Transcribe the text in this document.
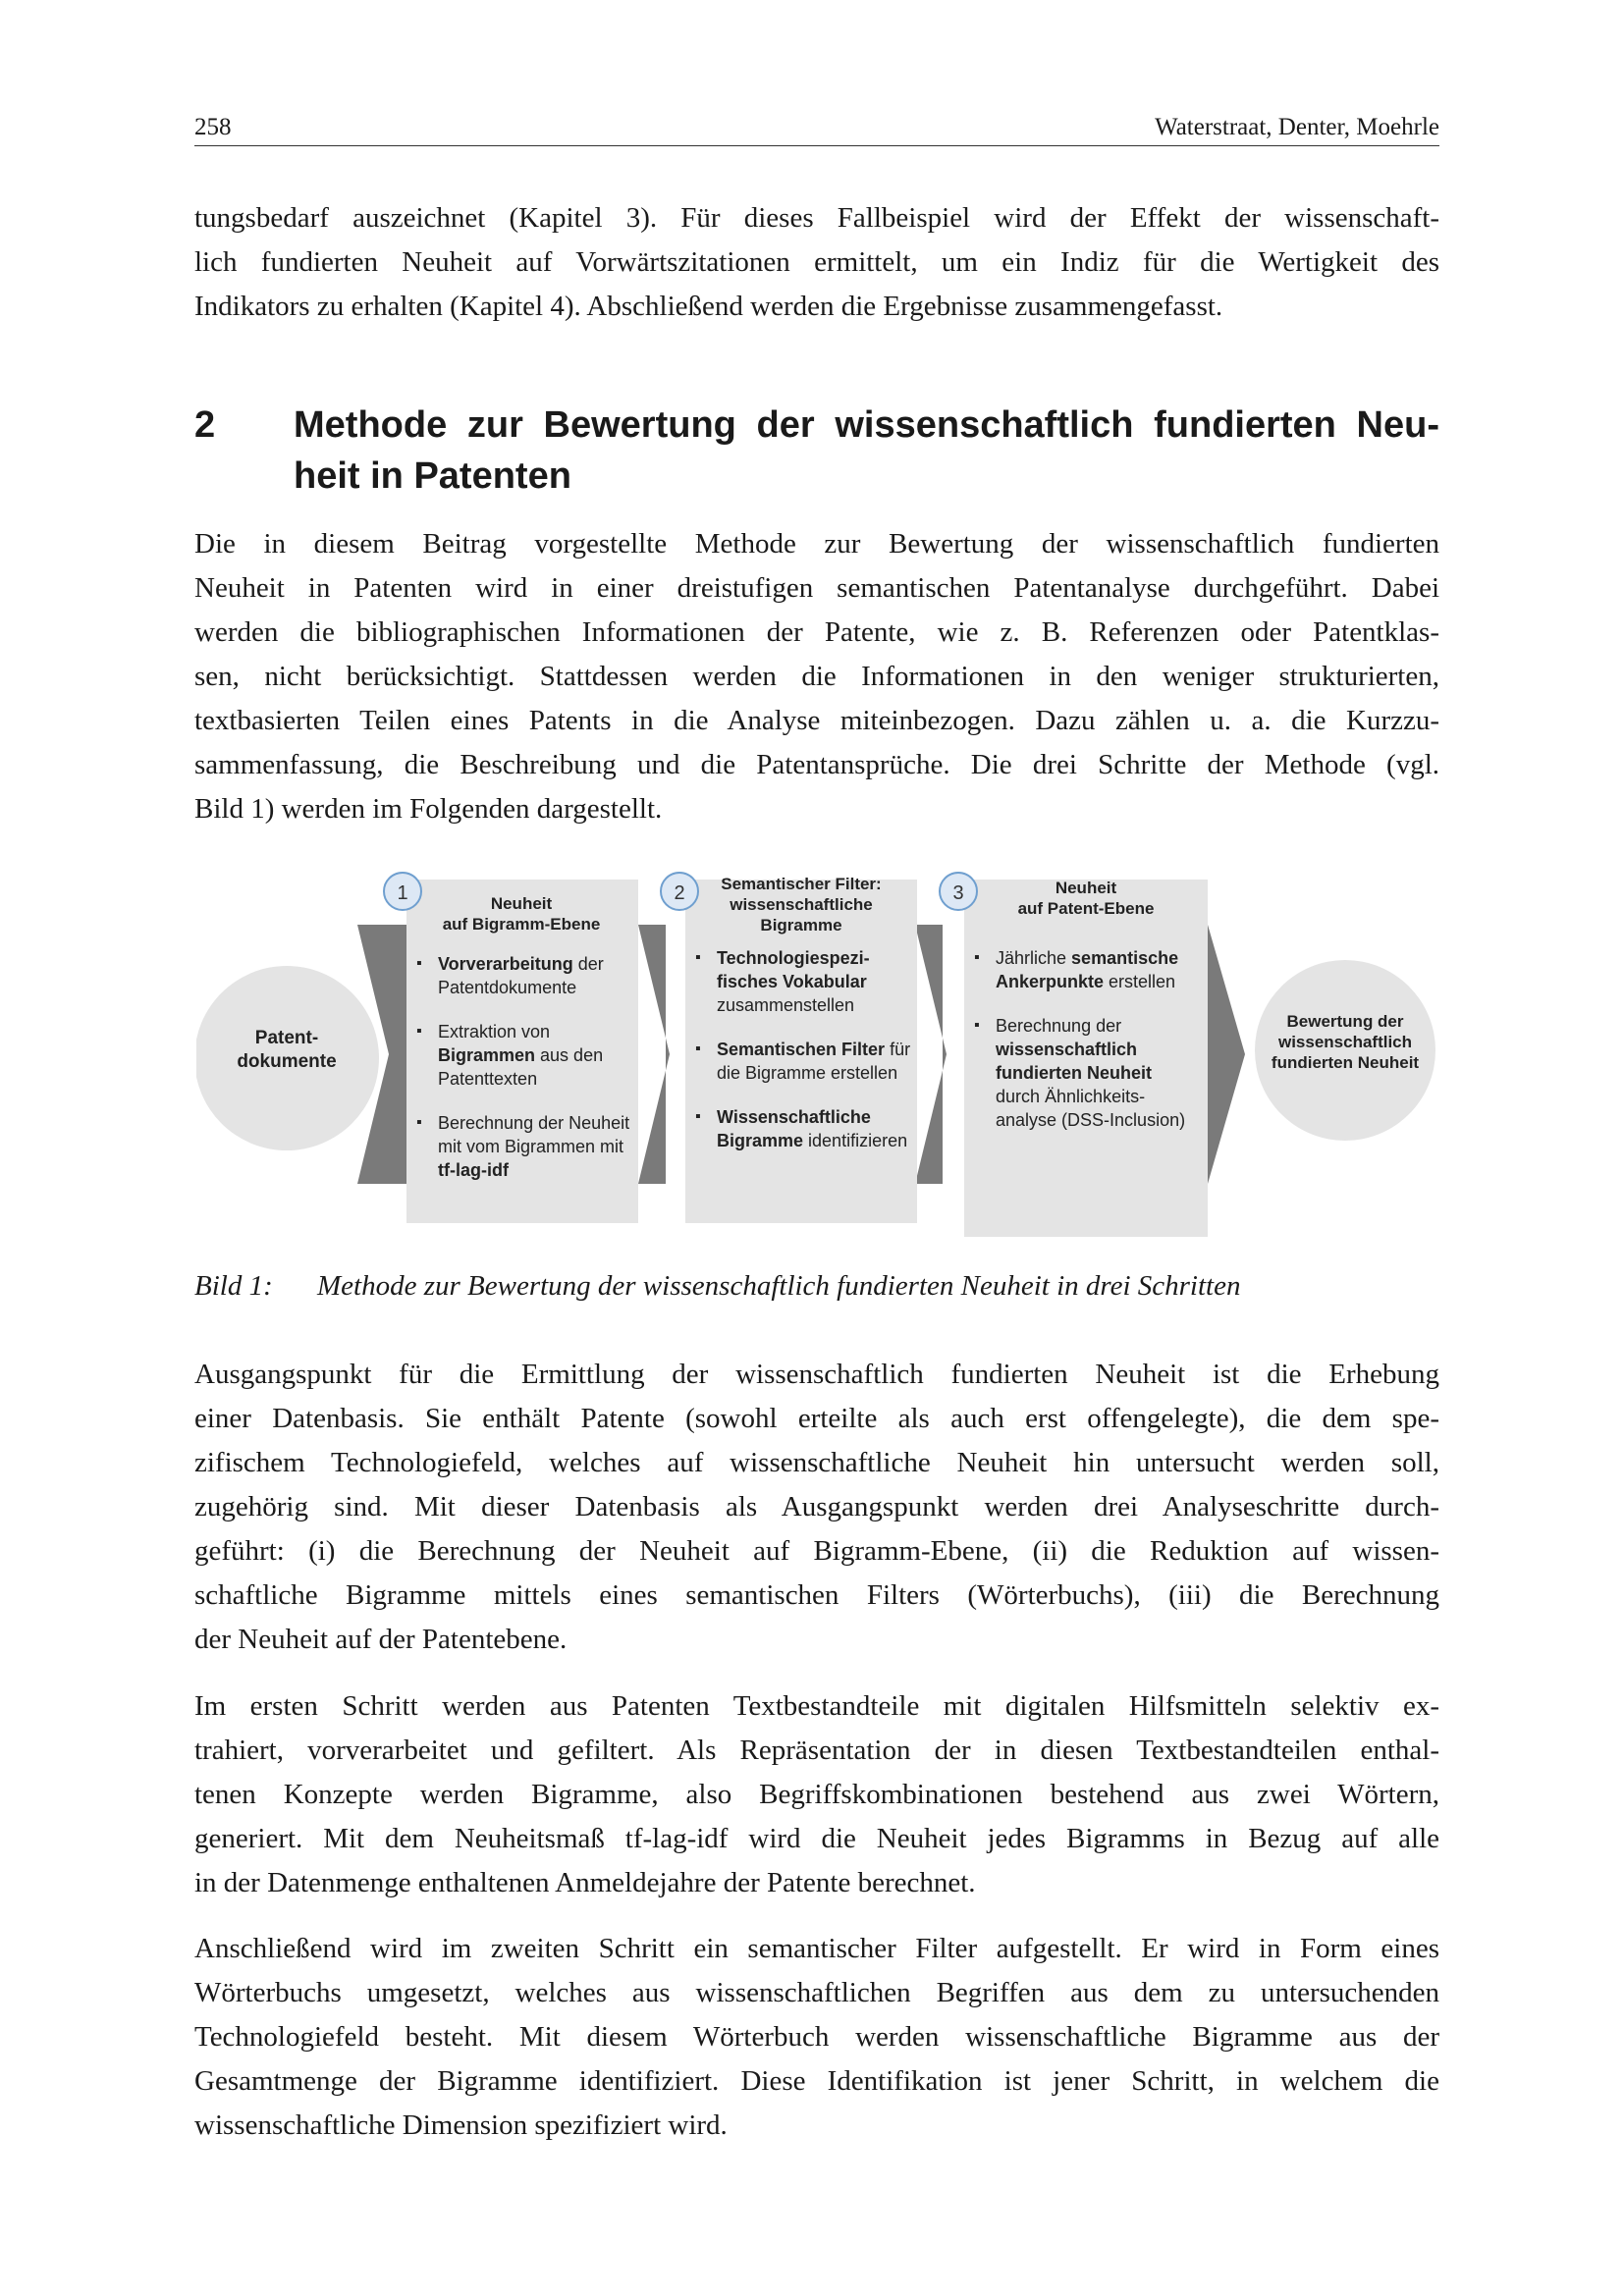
258	Waterstraat, Denter, Moehrle
tungsbedarf auszeichnet (Kapitel 3). Für dieses Fallbeispiel wird der Effekt der wissenschaft-
lich fundierten Neuheit auf Vorwärtszitationen ermittelt, um ein Indiz für die Wertigkeit des
Indikators zu erhalten (Kapitel 4). Abschließend werden die Ergebnisse zusammengefasst.
2 Methode zur Bewertung der wissenschaftlich fundierten Neu-
heit in Patenten
Die in diesem Beitrag vorgestellte Methode zur Bewertung der wissenschaftlich fundierten
Neuheit in Patenten wird in einer dreistufigen semantischen Patentanalyse durchgeführt. Dabei
werden die bibliographischen Informationen der Patente, wie z. B. Referenzen oder Patentklas-
sen, nicht berücksichtigt. Stattdessen werden die Informationen in den weniger strukturierten,
textbasierten Teilen eines Patents in die Analyse miteinbezogen. Dazu zählen u. a. die Kurzzu-
sammenfassung, die Beschreibung und die Patentansprüche. Die drei Schritte der Methode (vgl.
Bild 1) werden im Folgenden dargestellt.
Patent-
dokumente
Bewertung der
wissenschaftlich
fundierten Neuheit
1	Neuheit
auf Bigramm-Ebene
▪ Vorverarbeitung der Patentdokumente
▪ Extraktion von Bigrammen aus den Patenttexten
▪ Berechnung der Neuheit mit vom Bigrammen mit tf-lag-idf
2	Semantischer Filter:
wissenschaftliche
Bigramme
▪ Technologiespezi-fisches Vokabular zusammenstellen
▪ Semantischen Filter für die Bigramme erstellen
▪ Wissenschaftliche Bigramme identifizieren
3	Neuheit
auf Patent-Ebene
▪ Jährliche semantische Ankerpunkte erstellen
▪ Berechnung der wissenschaftlich fundierten Neuheit durch Ähnlichkeits-analyse (DSS-Inclusion)
Bild 1: Methode zur Bewertung der wissenschaftlich fundierten Neuheit in drei Schritten
Ausgangspunkt für die Ermittlung der wissenschaftlich fundierten Neuheit ist die Erhebung
einer Datenbasis. Sie enthält Patente (sowohl erteilte als auch erst offengelegte), die dem spe-
zifischem Technologiefeld, welches auf wissenschaftliche Neuheit hin untersucht werden soll,
zugehörig sind. Mit dieser Datenbasis als Ausgangspunkt werden drei Analyseschritte durch-
geführt: (i) die Berechnung der Neuheit auf Bigramm-Ebene, (ii) die Reduktion auf wissen-
schaftliche Bigramme mittels eines semantischen Filters (Wörterbuchs), (iii) die Berechnung
der Neuheit auf der Patentebene.
Im ersten Schritt werden aus Patenten Textbestandteile mit digitalen Hilfsmitteln selektiv ex-
trahiert, vorverarbeitet und gefiltert. Als Repräsentation der in diesen Textbestandteilen enthal-
tenen Konzepte werden Bigramme, also Begriffskombinationen bestehend aus zwei Wörtern,
generiert. Mit dem Neuheitsmaß tf-lag-idf wird die Neuheit jedes Bigramms in Bezug auf alle
in der Datenmenge enthaltenen Anmeldejahre der Patente berechnet.
Anschließend wird im zweiten Schritt ein semantischer Filter aufgestellt. Er wird in Form eines
Wörterbuchs umgesetzt, welches aus wissenschaftlichen Begriffen aus dem zu untersuchenden
Technologiefeld besteht. Mit diesem Wörterbuch werden wissenschaftliche Bigramme aus der
Gesamtmenge der Bigramme identifiziert. Diese Identifikation ist jener Schritt, in welchem die
wissenschaftliche Dimension spezifiziert wird.
